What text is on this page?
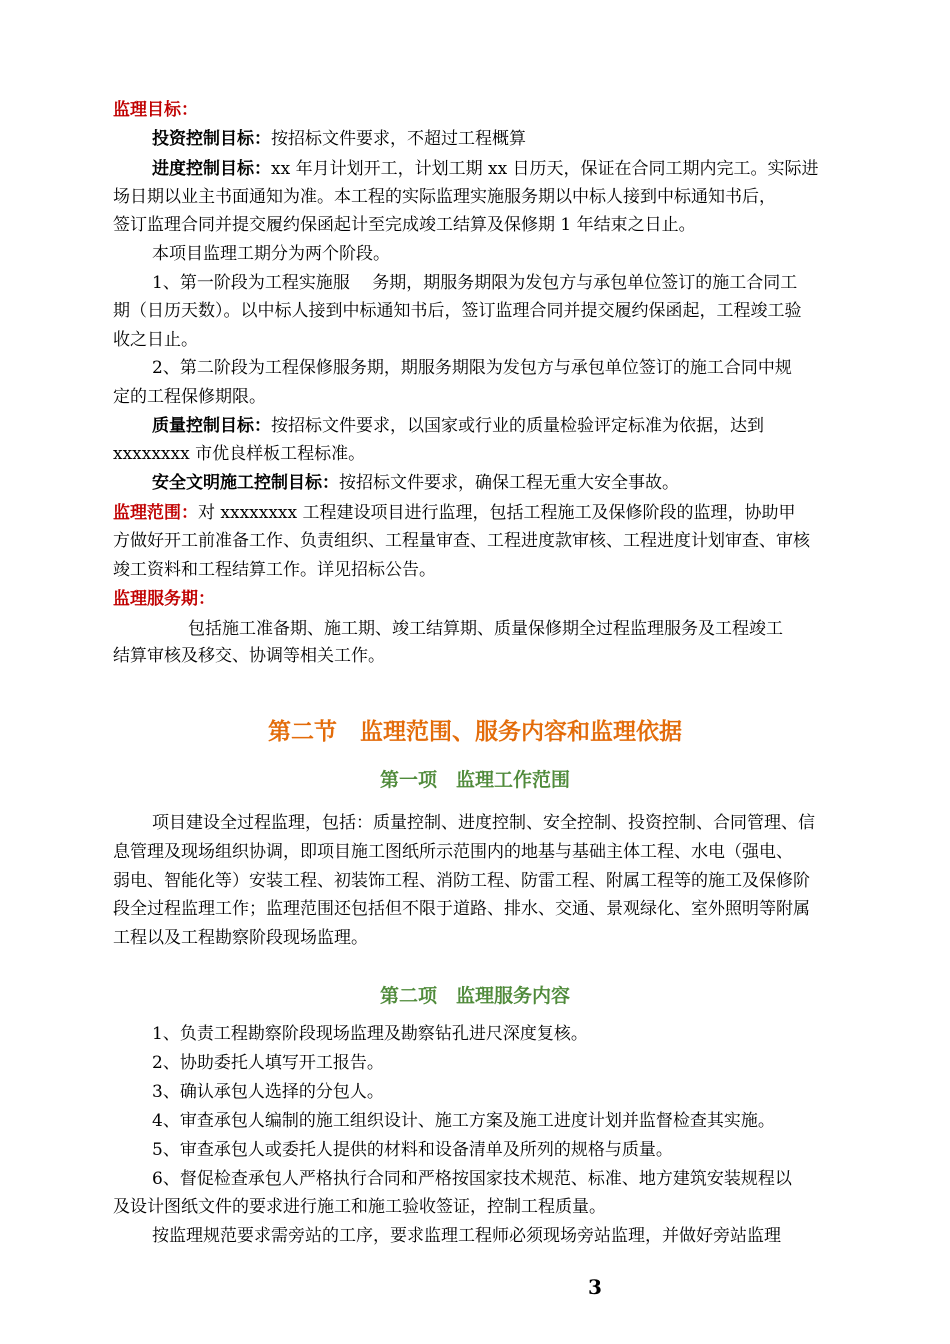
监理目标：
投资控制目标：按招标文件要求，不超过工程概算
进度控制目标：xx 年月计划开工，计划工期 xx 日历天，保证在合同工期内完工。实际进
场日期以业主书面通知为准。本工程的实际监理实施服务期以中标人接到中标通知书后，
签订监理合同并提交履约保函起计至完成竣工结算及保修期 1 年结束之日止。
本项目监理工期分为两个阶段。
1、第一阶段为工程实施服　 务期，期服务期限为发包方与承包单位签订的施工合同工
期（日历天数）。以中标人接到中标通知书后，签订监理合同并提交履约保函起，工程竣工验
收之日止。
2、第二阶段为工程保修服务期，期服务期限为发包方与承包单位签订的施工合同中规
定的工程保修期限。
质量控制目标：按招标文件要求，以国家或行业的质量检验评定标准为依据，达到
xxxxxxxx 市优良样板工程标准。
安全文明施工控制目标：按招标文件要求，确保工程无重大安全事故。
监理范围：对 xxxxxxxx 工程建设项目进行监理，包括工程施工及保修阶段的监理，协助甲
方做好开工前准备工作、负责组织、工程量审查、工程进度款审核、工程进度计划审查、审核
竣工资料和工程结算工作。详见招标公告。
监理服务期：
包括施工准备期、施工期、竣工结算期、质量保修期全过程监理服务及工程竣工
结算审核及移交、协调等相关工作。
第二节　监理范围、服务内容和监理依据
第一项　监理工作范围
项目建设全过程监理，包括：质量控制、进度控制、安全控制、投资控制、合同管理、信
息管理及现场组织协调，即项目施工图纸所示范围内的地基与基础主体工程、水电（强电、
弱电、智能化等）安装工程、初装饰工程、消防工程、防雷工程、附属工程等的施工及保修阶
段全过程监理工作；监理范围还包括但不限于道路、排水、交通、景观绿化、室外照明等附属
工程以及工程勘察阶段现场监理。
第二项　监理服务内容
1、负责工程勘察阶段现场监理及勘察钻孔进尺深度复核。
2、协助委托人填写开工报告。
3、确认承包人选择的分包人。
4、审查承包人编制的施工组织设计、施工方案及施工进度计划并监督检查其实施。
5、审查承包人或委托人提供的材料和设备清单及所列的规格与质量。
6、督促检查承包人严格执行合同和严格按国家技术规范、标准、地方建筑安装规程以
及设计图纸文件的要求进行施工和施工验收签证，控制工程质量。
按监理规范要求需旁站的工序，要求监理工程师必须现场旁站监理，并做好旁站监理
3
